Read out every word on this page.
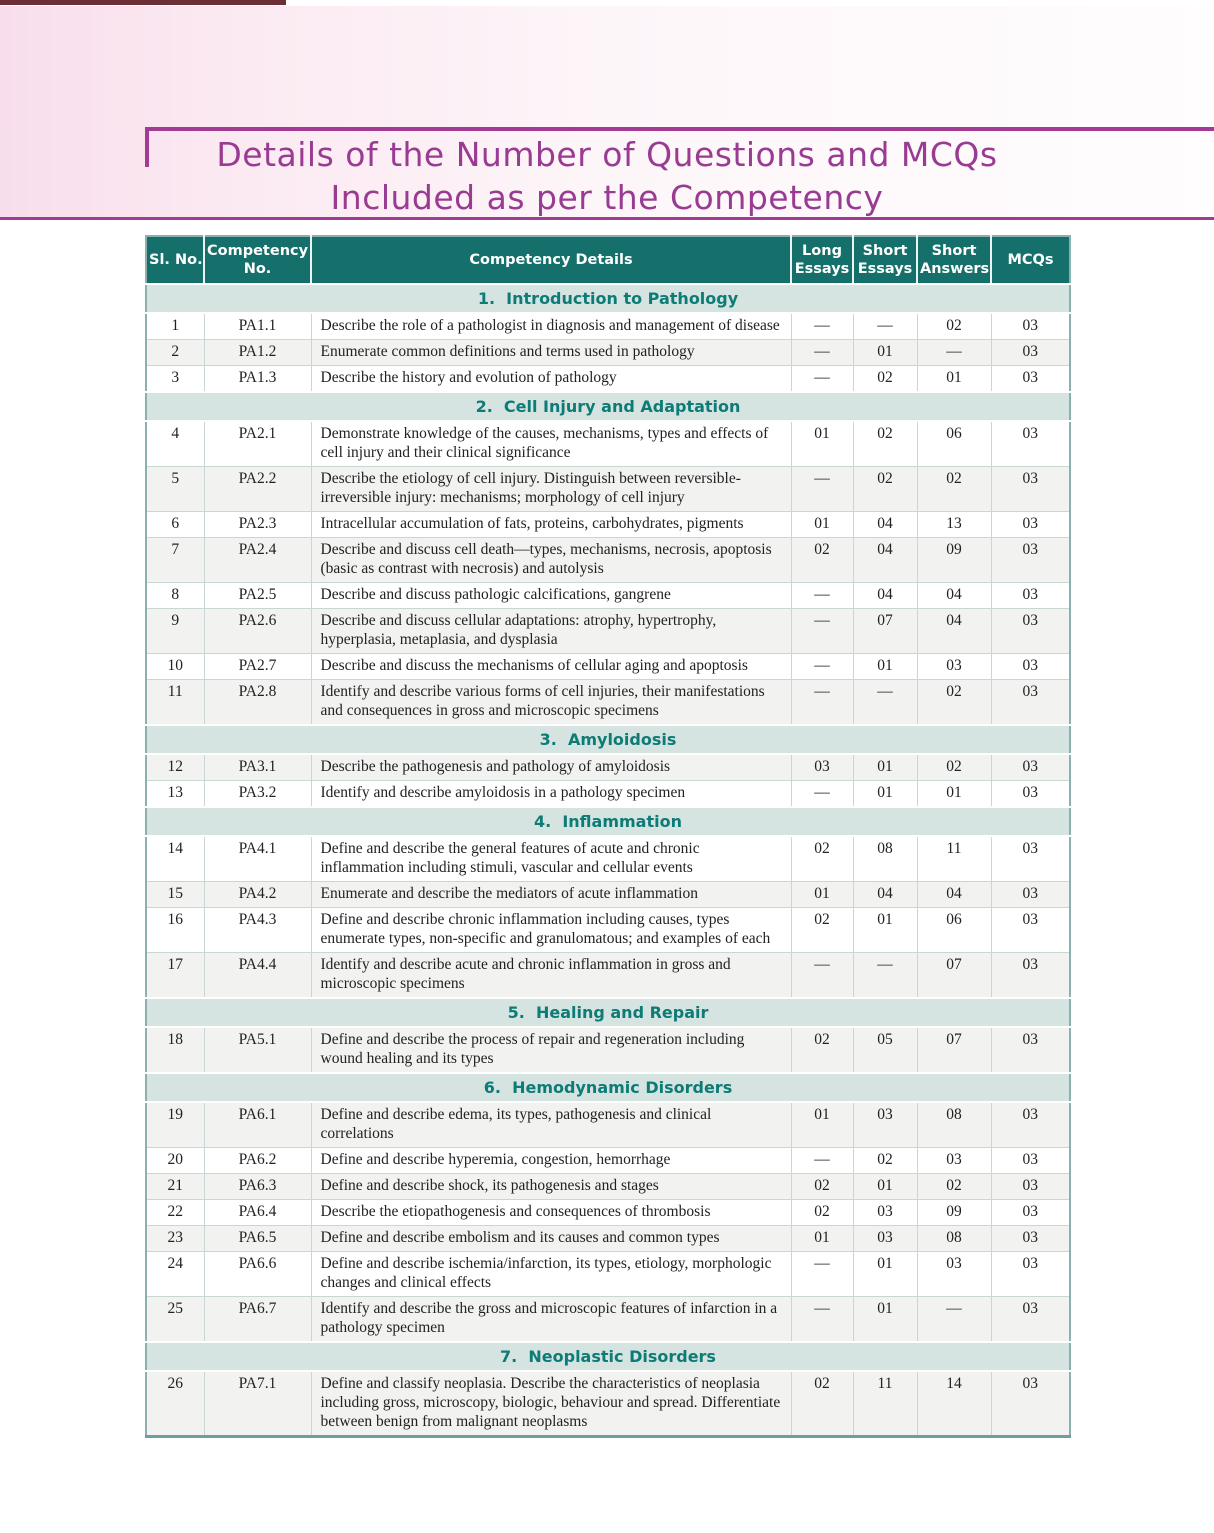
Details of the Number of Questions and MCQs
Included as per the Competency
Sl. No.	Competency No.	Competency Details	Long Essays	Short Essays	Short Answers	MCQs
1.  Introduction to Pathology						
1	PA1.1	Describe the role of a pathologist in diagnosis and management of disease	—	—	02	03
2	PA1.2	Enumerate common definitions and terms used in pathology	—	01	—	03
3	PA1.3	Describe the history and evolution of pathology	—	02	01	03
2.  Cell Injury and Adaptation						
4	PA2.1	Demonstrate knowledge of the causes, mechanisms, types and effects of cell injury and their clinical significance	01	02	06	03
5	PA2.2	Describe the etiology of cell injury. Distinguish between reversible-irreversible injury: mechanisms; morphology of cell injury	—	02	02	03
6	PA2.3	Intracellular accumulation of fats, proteins, carbohydrates, pigments	01	04	13	03
7	PA2.4	Describe and discuss cell death—types, mechanisms, necrosis, apoptosis (basic as contrast with necrosis) and autolysis	02	04	09	03
8	PA2.5	Describe and discuss pathologic calcifications, gangrene	—	04	04	03
9	PA2.6	Describe and discuss cellular adaptations: atrophy, hypertrophy, hyperplasia, metaplasia, and dysplasia	—	07	04	03
10	PA2.7	Describe and discuss the mechanisms of cellular aging and apoptosis	—	01	03	03
11	PA2.8	Identify and describe various forms of cell injuries, their manifestations and consequences in gross and microscopic specimens	—	—	02	03
3.  Amyloidosis						
12	PA3.1	Describe the pathogenesis and pathology of amyloidosis	03	01	02	03
13	PA3.2	Identify and describe amyloidosis in a pathology specimen	—	01	01	03
4.  Inflammation						
14	PA4.1	Define and describe the general features of acute and chronic inflammation including stimuli, vascular and cellular events	02	08	11	03
15	PA4.2	Enumerate and describe the mediators of acute inflammation	01	04	04	03
16	PA4.3	Define and describe chronic inflammation including causes, types enumerate types, non-specific and granulomatous; and examples of each	02	01	06	03
17	PA4.4	Identify and describe acute and chronic inflammation in gross and microscopic specimens	—	—	07	03
5.  Healing and Repair						
18	PA5.1	Define and describe the process of repair and regeneration including wound healing and its types	02	05	07	03
6.  Hemodynamic Disorders						
19	PA6.1	Define and describe edema, its types, pathogenesis and clinical correlations	01	03	08	03
20	PA6.2	Define and describe hyperemia, congestion, hemorrhage	—	02	03	03
21	PA6.3	Define and describe shock, its pathogenesis and stages	02	01	02	03
22	PA6.4	Describe the etiopathogenesis and consequences of thrombosis	02	03	09	03
23	PA6.5	Define and describe embolism and its causes and common types	01	03	08	03
24	PA6.6	Define and describe ischemia/infarction, its types, etiology, morphologic changes and clinical effects	—	01	03	03
25	PA6.7	Identify and describe the gross and microscopic features of infarction in a pathology specimen	—	01	—	03
7.  Neoplastic Disorders						
26	PA7.1	Define and classify neoplasia. Describe the characteristics of neoplasia including gross, microscopy, biologic, behaviour and spread. Differentiate between benign from malignant neoplasms	02	11	14	03
